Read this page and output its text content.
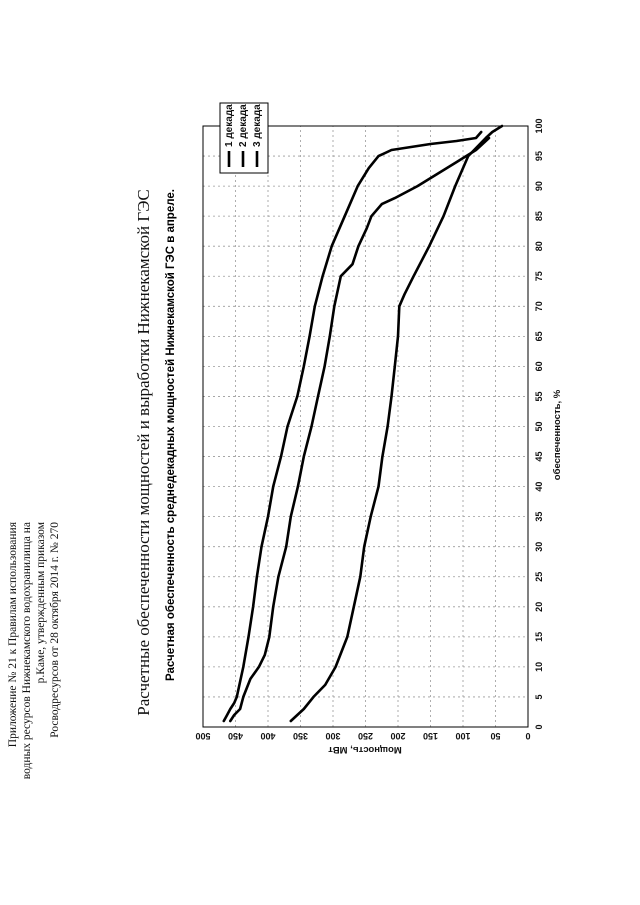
Приложение № 21 к Правилам использования водных ресурсов Нижнекамского водохранилища на р.Каме, утвержденным приказом Росводресурсов от 28 октября 2014 г. № 270	Расчетные обеспеченности мощностей и выработки Нижнекамской ГЭС Расчетная обеспеченность среднедекадных мощностей Нижнекамской ГЭС в апреле.
0
5
10
15
20
25
30
35
40
45
50
55
60
65
70
75
80
85
90
95
100
0
50
100
150
200
250
300
350
400
450
500
обеспеченность, %
Мощность, МВт
1 декада 2 декада 3 декада
